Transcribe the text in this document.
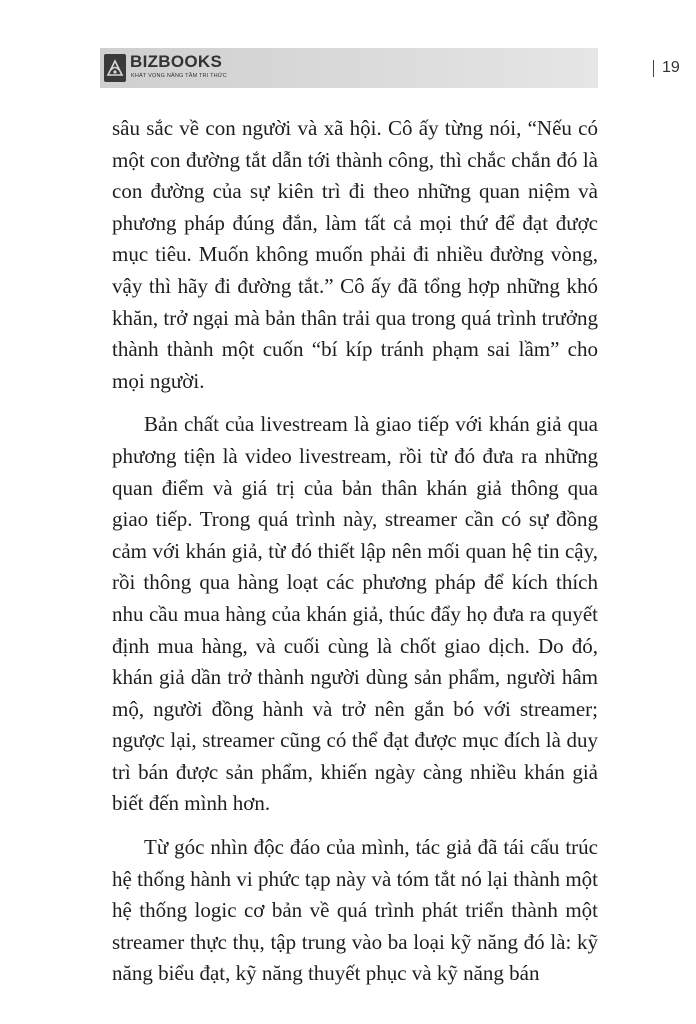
BIZBOOKS
KHÁT VỌNG NÂNG TẦM TRI THỨC	19

sâu sắc về con người và xã hội. Cô ấy từng nói, “Nếu có một con đường tắt dẫn tới thành công, thì chắc chắn đó là con đường của sự kiên trì đi theo những quan niệm và phương pháp đúng đắn, làm tất cả mọi thứ để đạt được mục tiêu. Muốn không muốn phải đi nhiều đường vòng, vậy thì hãy đi đường tắt.” Cô ấy đã tổng hợp những khó khăn, trở ngại mà bản thân trải qua trong quá trình trưởng thành thành một cuốn “bí kíp tránh phạm sai lầm” cho mọi người.

Bản chất của livestream là giao tiếp với khán giả qua phương tiện là video livestream, rồi từ đó đưa ra những quan điểm và giá trị của bản thân khán giả thông qua giao tiếp. Trong quá trình này, streamer cần có sự đồng cảm với khán giả, từ đó thiết lập nên mối quan hệ tin cậy, rồi thông qua hàng loạt các phương pháp để kích thích nhu cầu mua hàng của khán giả, thúc đẩy họ đưa ra quyết định mua hàng, và cuối cùng là chốt giao dịch. Do đó, khán giả dần trở thành người dùng sản phẩm, người hâm mộ, người đồng hành và trở nên gắn bó với streamer; ngược lại, streamer cũng có thể đạt được mục đích là duy trì bán được sản phẩm, khiến ngày càng nhiều khán giả biết đến mình hơn.

Từ góc nhìn độc đáo của mình, tác giả đã tái cấu trúc hệ thống hành vi phức tạp này và tóm tắt nó lại thành một hệ thống logic cơ bản về quá trình phát triển thành một streamer thực thụ, tập trung vào ba loại kỹ năng đó là: kỹ năng biểu đạt, kỹ năng thuyết phục và kỹ năng bán
